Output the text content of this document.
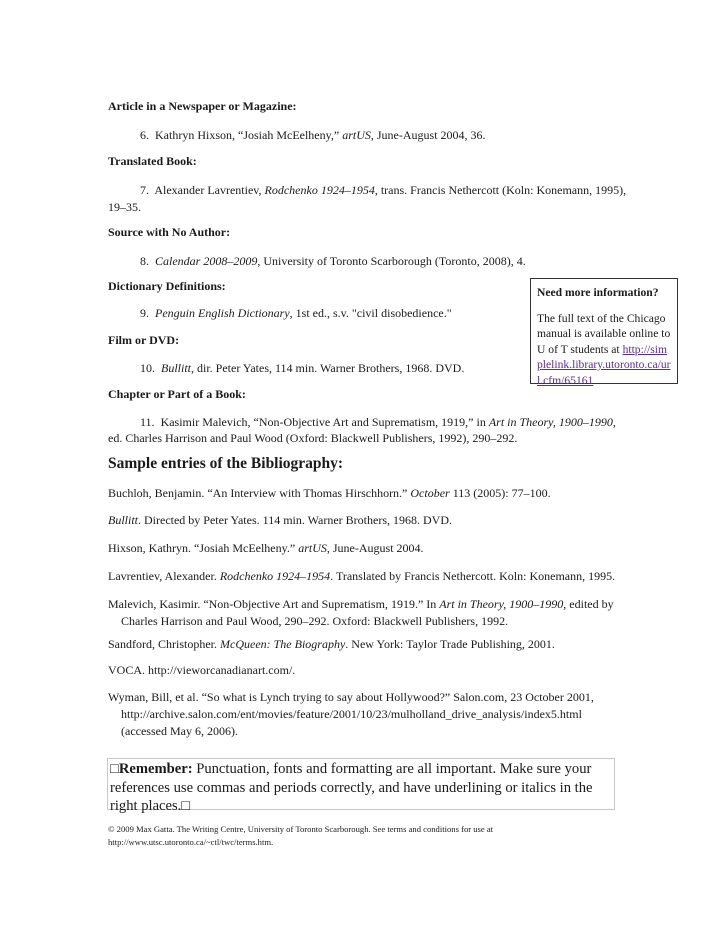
Article in a Newspaper or Magazine:
6. Kathryn Hixson, “Josiah McEelheny,” artUS, June-August 2004, 36.
Translated Book:
7. Alexander Lavrentiev, Rodchenko 1924–1954, trans. Francis Nethercott (Koln: Konemann, 1995),
19–35.
Source with No Author:
8. Calendar 2008–2009, University of Toronto Scarborough (Toronto, 2008), 4.
Dictionary Definitions:
9. Penguin English Dictionary, 1st ed., s.v. "civil disobedience."
Film or DVD:
10. Bullitt, dir. Peter Yates, 114 min. Warner Brothers, 1968. DVD.
Chapter or Part of a Book:
11. Kasimir Malevich, “Non-Objective Art and Suprematism, 1919,” in Art in Theory, 1900–1990,
ed. Charles Harrison and Paul Wood (Oxford: Blackwell Publishers, 1992), 290–292.
Need more information?
The full text of the Chicago manual is available online to U of T students at http://simplelink.library.utoronto.ca/url.cfm/65161
Sample entries of the Bibliography:
Buchloh, Benjamin. “An Interview with Thomas Hirschhorn.” October 113 (2005): 77–100.
Bullitt. Directed by Peter Yates. 114 min. Warner Brothers, 1968. DVD.
Hixson, Kathryn. “Josiah McEelheny.” artUS, June-August 2004.
Lavrentiev, Alexander. Rodchenko 1924–1954. Translated by Francis Nethercott. Koln: Konemann, 1995.
Malevich, Kasimir. “Non-Objective Art and Suprematism, 1919.” In Art in Theory, 1900–1990, edited by
Charles Harrison and Paul Wood, 290–292. Oxford: Blackwell Publishers, 1992.
Sandford, Christopher. McQueen: The Biography. New York: Taylor Trade Publishing, 2001.
VOCA. http://vieworcanadianart.com/.
Wyman, Bill, et al. “So what is Lynch trying to say about Hollywood?” Salon.com, 23 October 2001,
http://archive.salon.com/ent/movies/feature/2001/10/23/mulholland_drive_analysis/index5.html
(accessed May 6, 2006).
□Remember: Punctuation, fonts and formatting are all important. Make sure your references use commas and periods correctly, and have underlining or italics in the right places.□
© 2009 Max Gatta. The Writing Centre, University of Toronto Scarborough. See terms and conditions for use at
http://www.utsc.utoronto.ca/~ctl/twc/terms.htm.
